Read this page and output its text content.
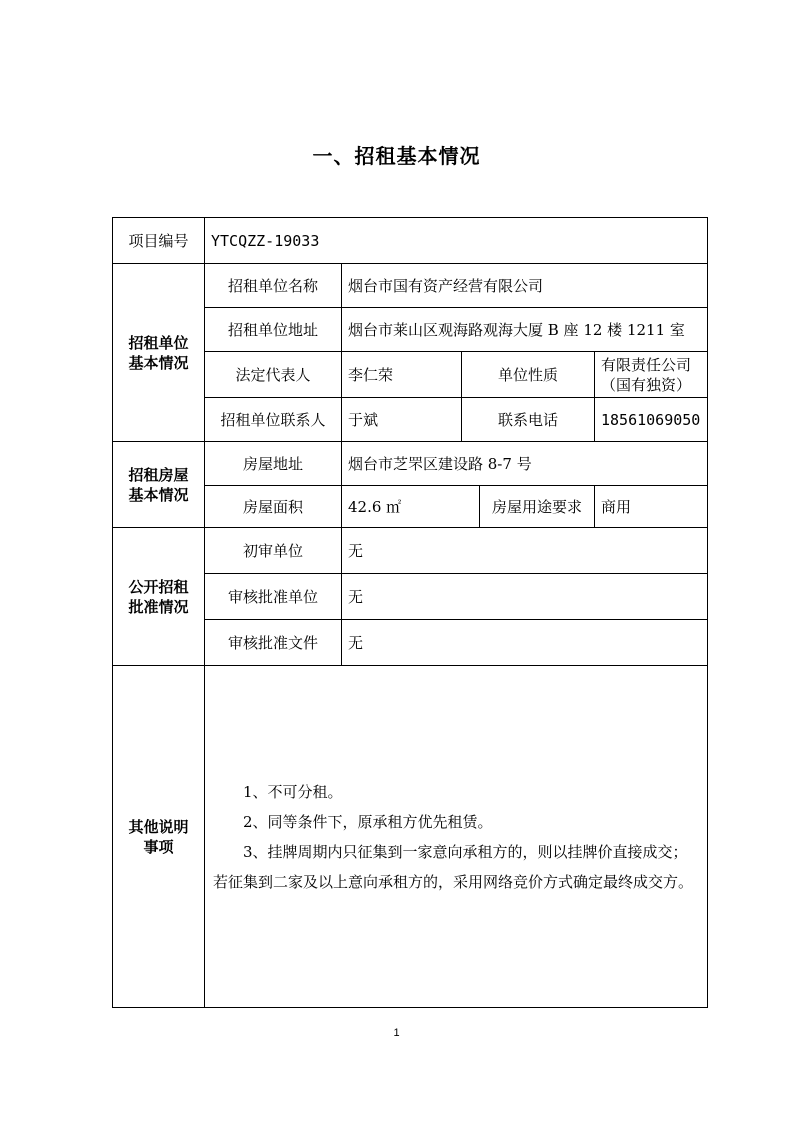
一、招租基本情况
项目编号	YTCQZZ-19033				
招租单位基本情况	招租单位名称	烟台市国有资产经营有限公司			
	招租单位地址	烟台市莱山区观海路观海大厦 B 座 12 楼 1211 室			
	法定代表人	李仁荣	单位性质		有限责任公司（国有独资）
	招租单位联系人	于斌	联系电话		18561069050
招租房屋基本情况	房屋地址	烟台市芝罘区建设路 8-7 号			
	房屋面积	42.6 ㎡		房屋用途要求	商用
公开招租批准情况	初审单位	无			
	审核批准单位	无			
	审核批准文件	无			
其他说明事项	1、不可分租。

2、同等条件下，原承租方优先租赁。

3、挂牌周期内只征集到一家意向承租方的，则以挂牌价直接成交；若征集到二家及以上意向承租方的，采用网络竞价方式确定最终成交方。				

1
